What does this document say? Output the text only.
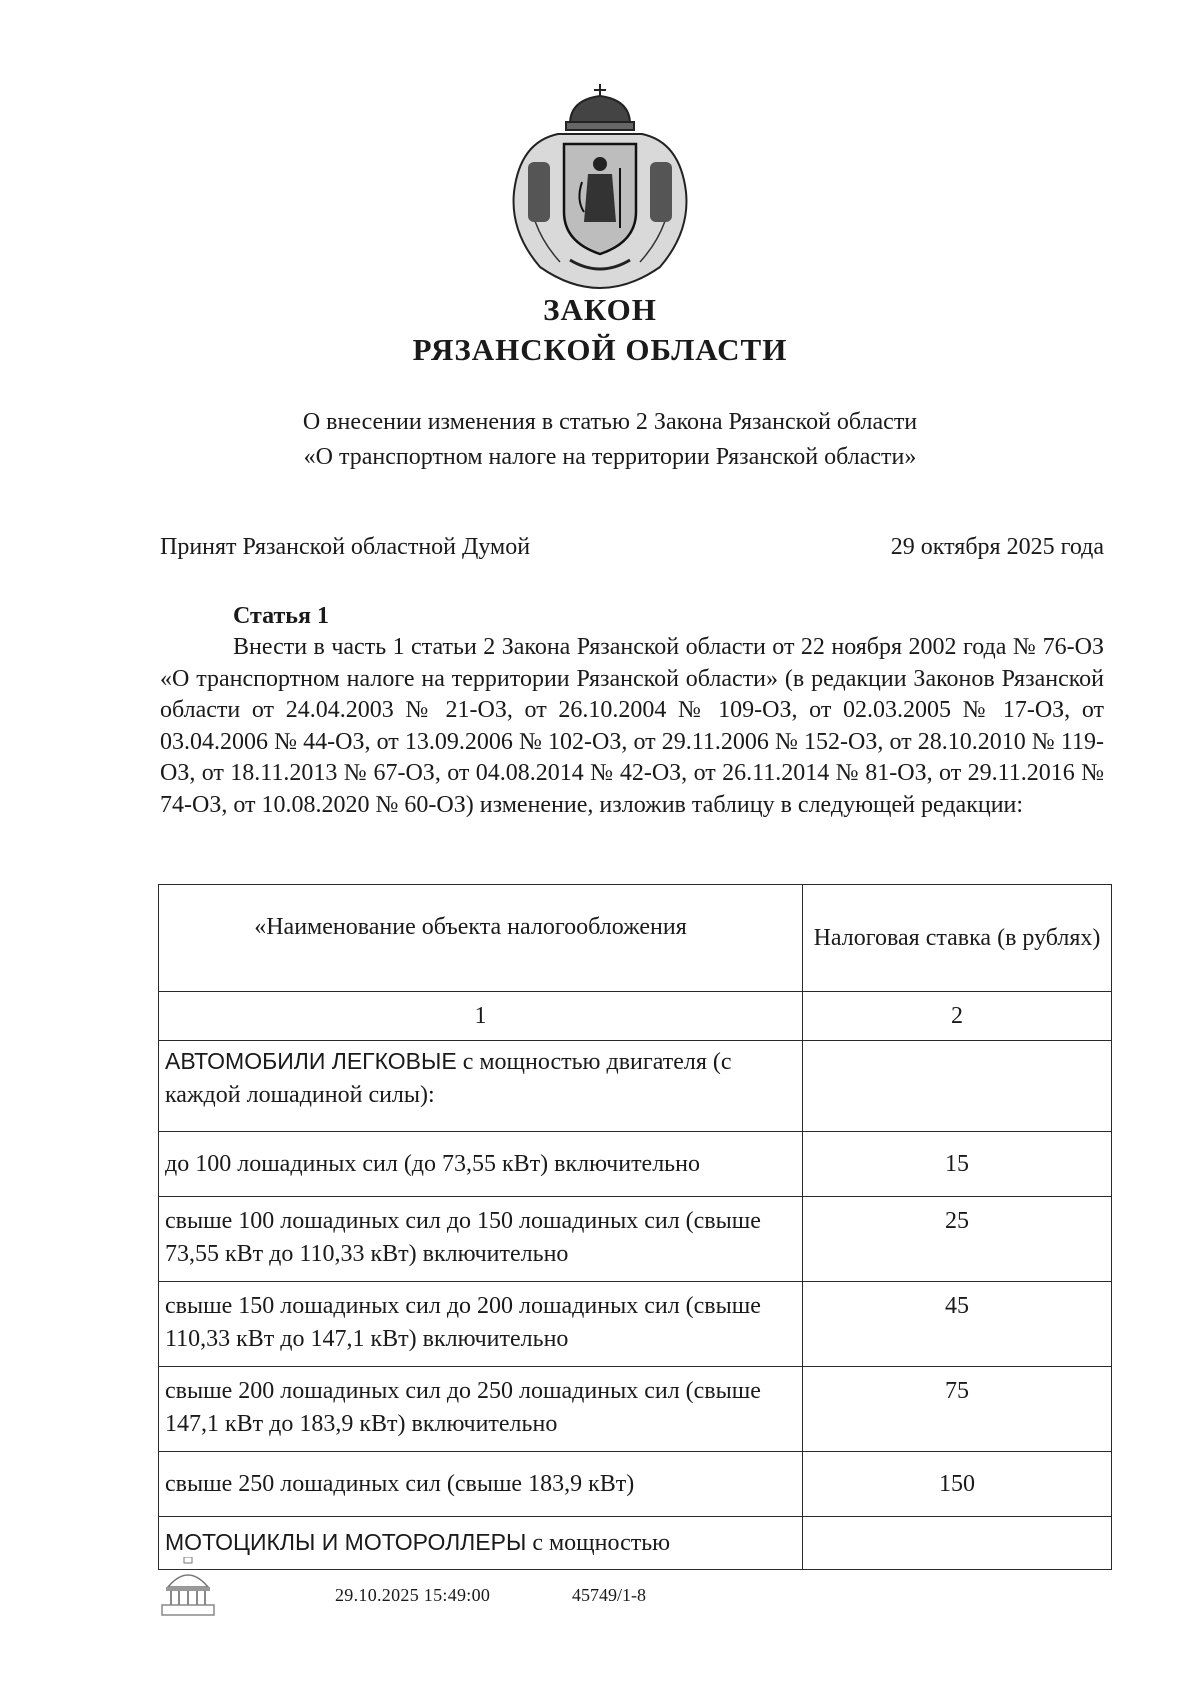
ЗАКОН
РЯЗАНСКОЙ ОБЛАСТИ
О внесении изменения в статью 2 Закона Рязанской области
«О транспортном налоге на территории Рязанской области»
Принят Рязанской областной Думой	29 октября 2025 года
Статья 1

Внести в часть 1 статьи 2 Закона Рязанской области от 22 ноября 2002 года № 76-ОЗ «О транспортном налоге на территории Рязанской области» (в редакции Законов Рязанской области от 24.04.2003 № 21-ОЗ, от 26.10.2004 № 109-ОЗ, от 02.03.2005 № 17-ОЗ, от 03.04.2006 № 44-ОЗ, от 13.09.2006 № 102-ОЗ, от 29.11.2006 № 152-ОЗ, от 28.10.2010 № 119-ОЗ, от 18.11.2013 № 67-ОЗ, от 04.08.2014 № 42-ОЗ, от 26.11.2014 № 81-ОЗ, от 29.11.2016 № 74-ОЗ, от 10.08.2020 № 60-ОЗ) изменение, изложив таблицу в следующей редакции:

«Наименование объекта налогообложения	Налоговая ставка (в рублях)
1	2
АВТОМОБИЛИ ЛЕГКОВЫЕ с мощностью двигателя (с каждой лошадиной силы):	
до 100 лошадиных сил (до 73,55 кВт) включительно	15
свыше 100 лошадиных сил до 150 лошадиных сил (свыше 73,55 кВт до 110,33 кВт) включительно	25
свыше 150 лошадиных сил до 200 лошадиных сил (свыше 110,33 кВт до 147,1 кВт) включительно	45
свыше 200 лошадиных сил до 250 лошадиных сил (свыше 147,1 кВт до 183,9 кВт) включительно	75
свыше 250 лошадиных сил (свыше 183,9 кВт)	150
МОТОЦИКЛЫ И МОТОРОЛЛЕРЫ с мощностью	
29.10.2025 15:49:00	45749/1-8
